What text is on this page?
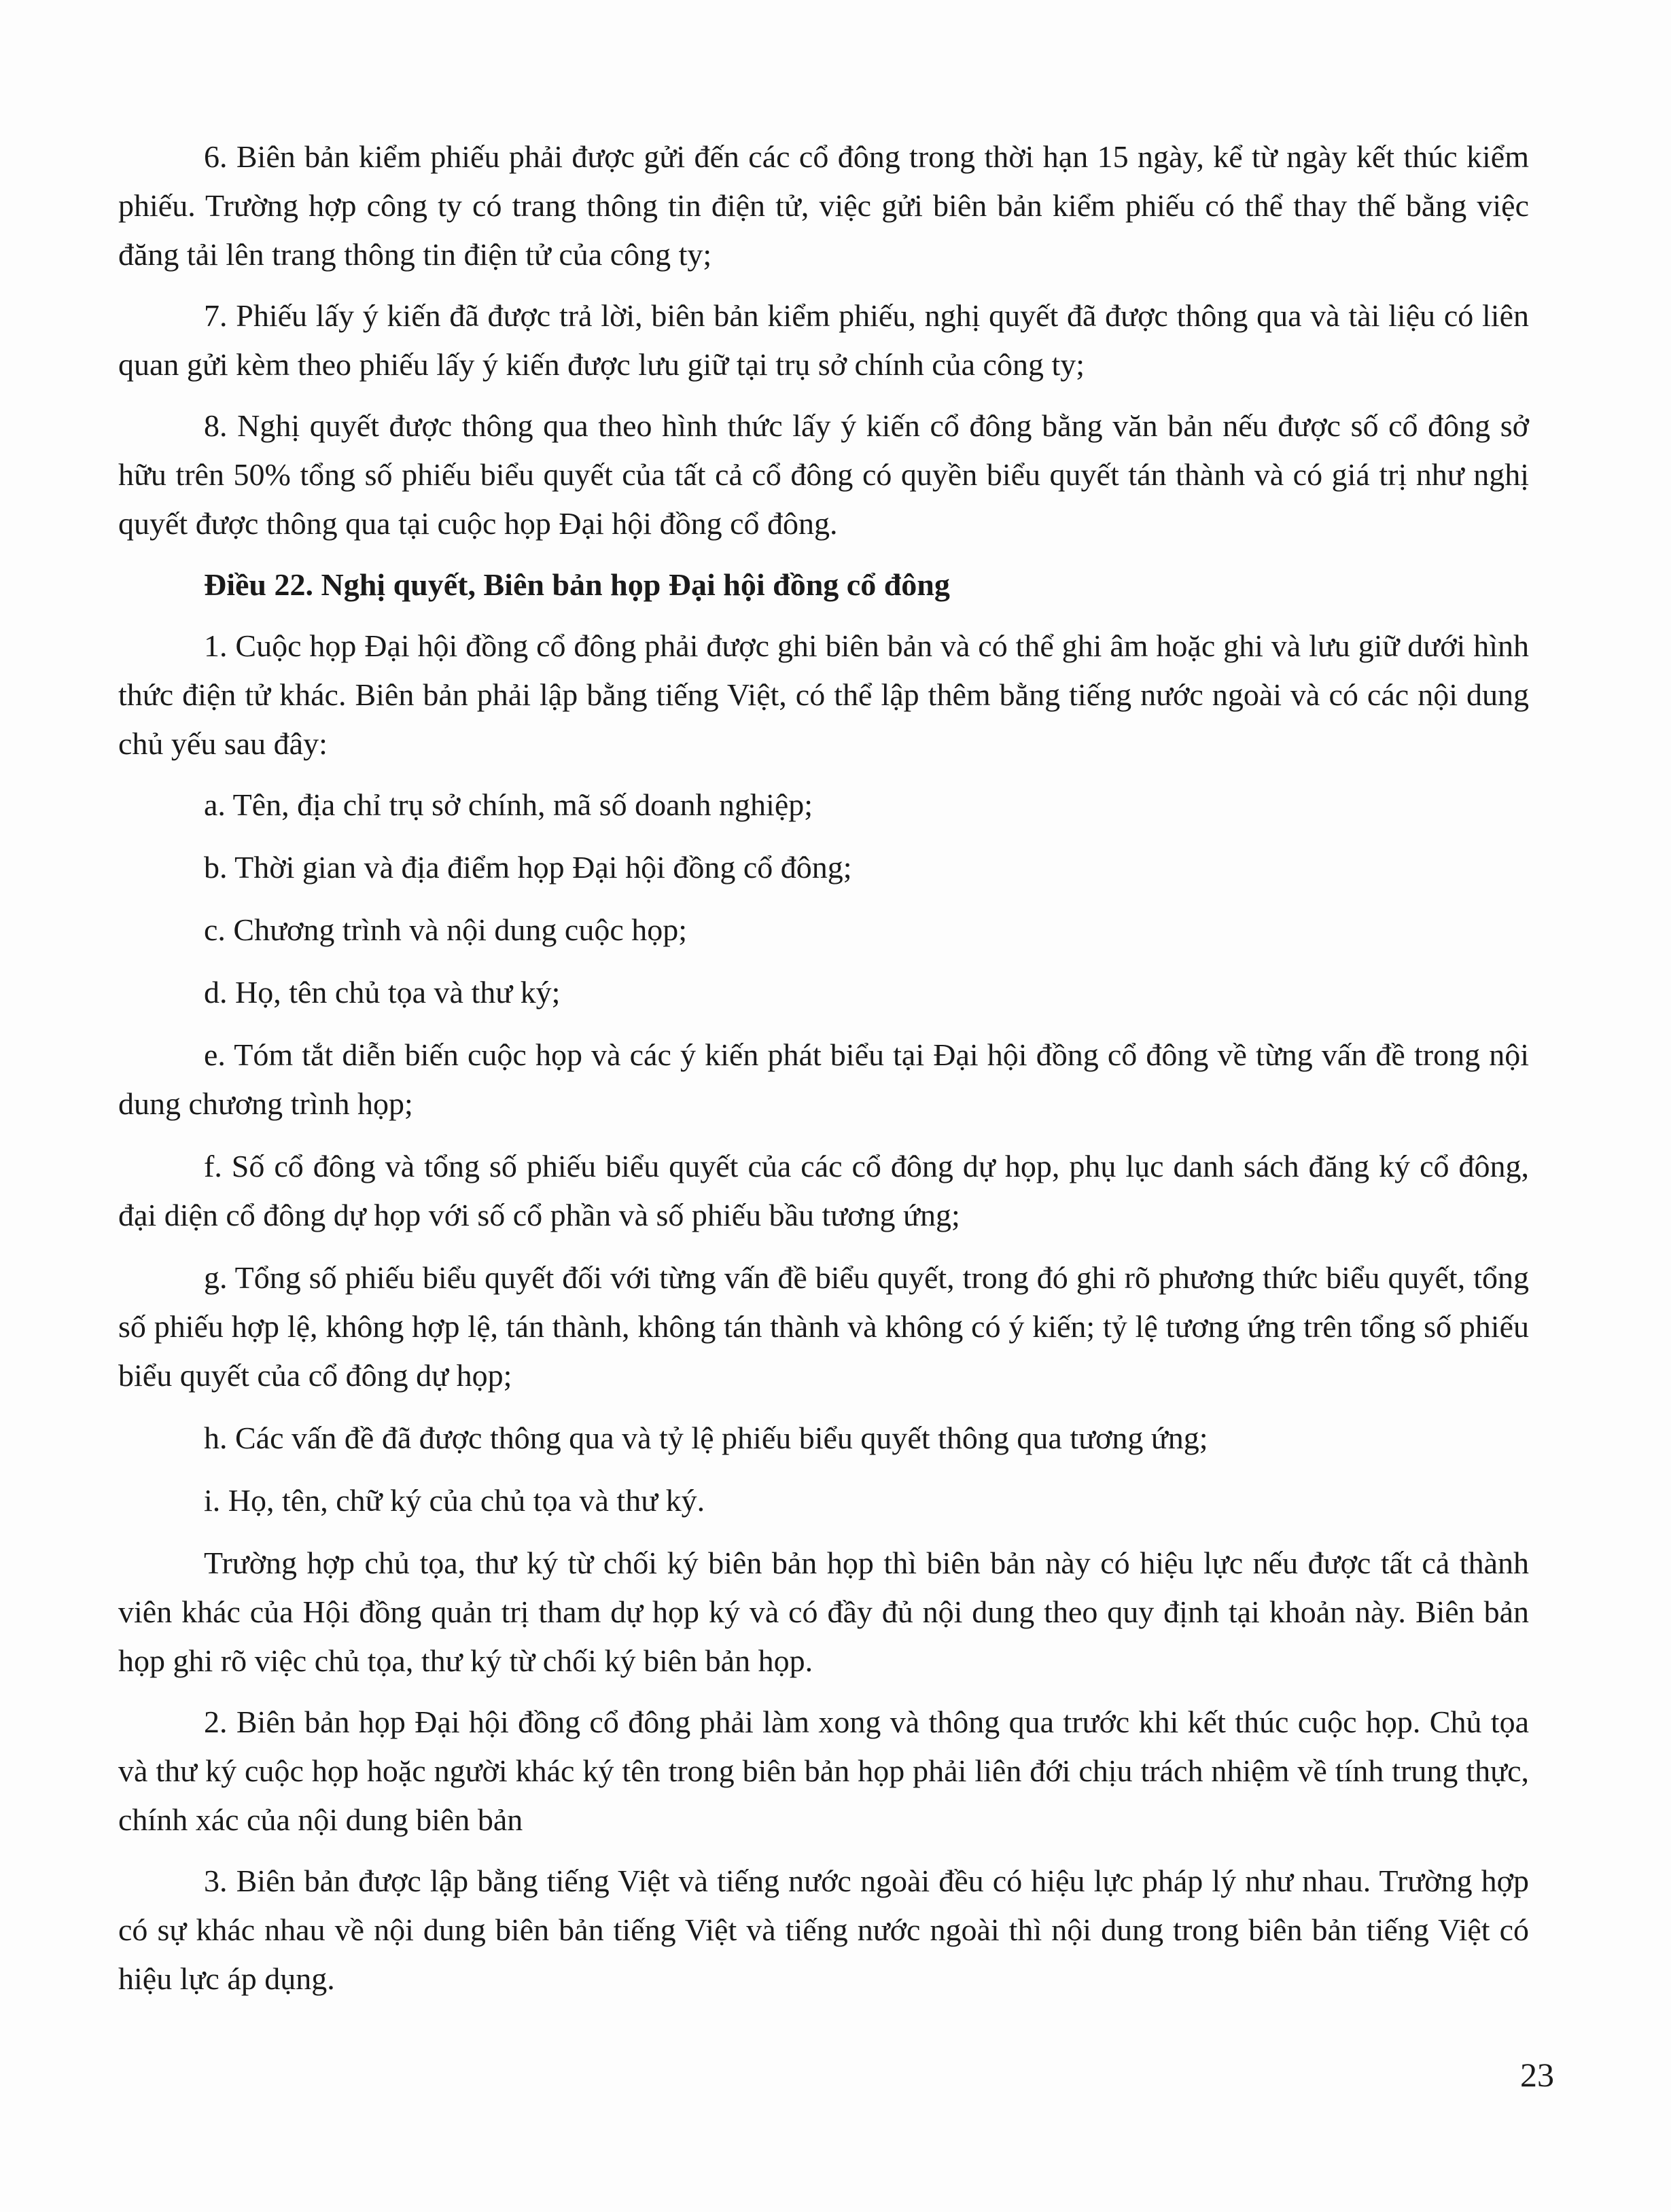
6. Biên bản kiểm phiếu phải được gửi đến các cổ đông trong thời hạn 15 ngày, kể từ ngày kết thúc kiểm phiếu. Trường hợp công ty có trang thông tin điện tử, việc gửi biên bản kiểm phiếu có thể thay thế bằng việc đăng tải lên trang thông tin điện tử của công ty;

7. Phiếu lấy ý kiến đã được trả lời, biên bản kiểm phiếu, nghị quyết đã được thông qua và tài liệu có liên quan gửi kèm theo phiếu lấy ý kiến được lưu giữ tại trụ sở chính của công ty;

8. Nghị quyết được thông qua theo hình thức lấy ý kiến cổ đông bằng văn bản nếu được số cổ đông sở hữu trên 50% tổng số phiếu biểu quyết của tất cả cổ đông có quyền biểu quyết tán thành và có giá trị như nghị quyết được thông qua tại cuộc họp Đại hội đồng cổ đông.

Điều 22. Nghị quyết, Biên bản họp Đại hội đồng cổ đông

1. Cuộc họp Đại hội đồng cổ đông phải được ghi biên bản và có thể ghi âm hoặc ghi và lưu giữ dưới hình thức điện tử khác. Biên bản phải lập bằng tiếng Việt, có thể lập thêm bằng tiếng nước ngoài và có các nội dung chủ yếu sau đây:

a. Tên, địa chỉ trụ sở chính, mã số doanh nghiệp;

b. Thời gian và địa điểm họp Đại hội đồng cổ đông;

c. Chương trình và nội dung cuộc họp;

d. Họ, tên chủ tọa và thư ký;

e. Tóm tắt diễn biến cuộc họp và các ý kiến phát biểu tại Đại hội đồng cổ đông về từng vấn đề trong nội dung chương trình họp;

f. Số cổ đông và tổng số phiếu biểu quyết của các cổ đông dự họp, phụ lục danh sách đăng ký cổ đông, đại diện cổ đông dự họp với số cổ phần và số phiếu bầu tương ứng;

g. Tổng số phiếu biểu quyết đối với từng vấn đề biểu quyết, trong đó ghi rõ phương thức biểu quyết, tổng số phiếu hợp lệ, không hợp lệ, tán thành, không tán thành và không có ý kiến; tỷ lệ tương ứng trên tổng số phiếu biểu quyết của cổ đông dự họp;

h. Các vấn đề đã được thông qua và tỷ lệ phiếu biểu quyết thông qua tương ứng;

i. Họ, tên, chữ ký của chủ tọa và thư ký.

Trường hợp chủ tọa, thư ký từ chối ký biên bản họp thì biên bản này có hiệu lực nếu được tất cả thành viên khác của Hội đồng quản trị tham dự họp ký và có đầy đủ nội dung theo quy định tại khoản này. Biên bản họp ghi rõ việc chủ tọa, thư ký từ chối ký biên bản họp.

2. Biên bản họp Đại hội đồng cổ đông phải làm xong và thông qua trước khi kết thúc cuộc họp. Chủ tọa và thư ký cuộc họp hoặc người khác ký tên trong biên bản họp phải liên đới chịu trách nhiệm về tính trung thực, chính xác của nội dung biên bản

3. Biên bản được lập bằng tiếng Việt và tiếng nước ngoài đều có hiệu lực pháp lý như nhau. Trường hợp có sự khác nhau về nội dung biên bản tiếng Việt và tiếng nước ngoài thì nội dung trong biên bản tiếng Việt có hiệu lực áp dụng.

23
